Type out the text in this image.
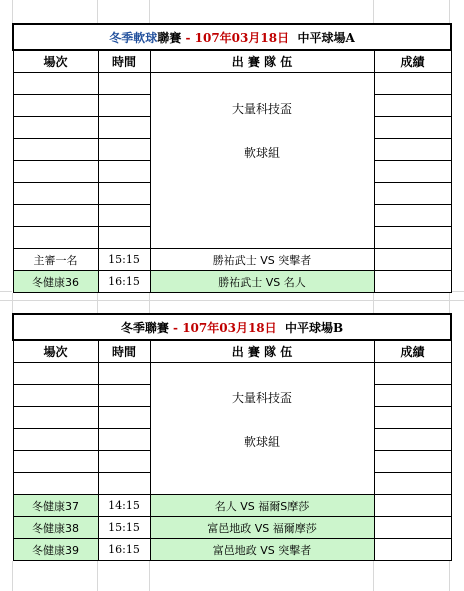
冬季軟球聯賽 - 107年03月18日 中平球場A			
場次	時間	出 賽 隊 伍	成績

		大量科技盃
軟球組	

主審一名	15:15	勝祐武士 VS 突擊者	
冬健康36	16:15	勝祐武士 VS 名人	
冬季聯賽 - 107年03月18日 中平球場B			
場次	時間	出 賽 隊 伍	成績

		大量科技盃
軟球組	

冬健康37	14:15	名人 VS 福爾S摩莎	
冬健康38	15:15	富邑地政 VS 福爾摩莎	
冬健康39	16:15	富邑地政 VS 突擊者	
